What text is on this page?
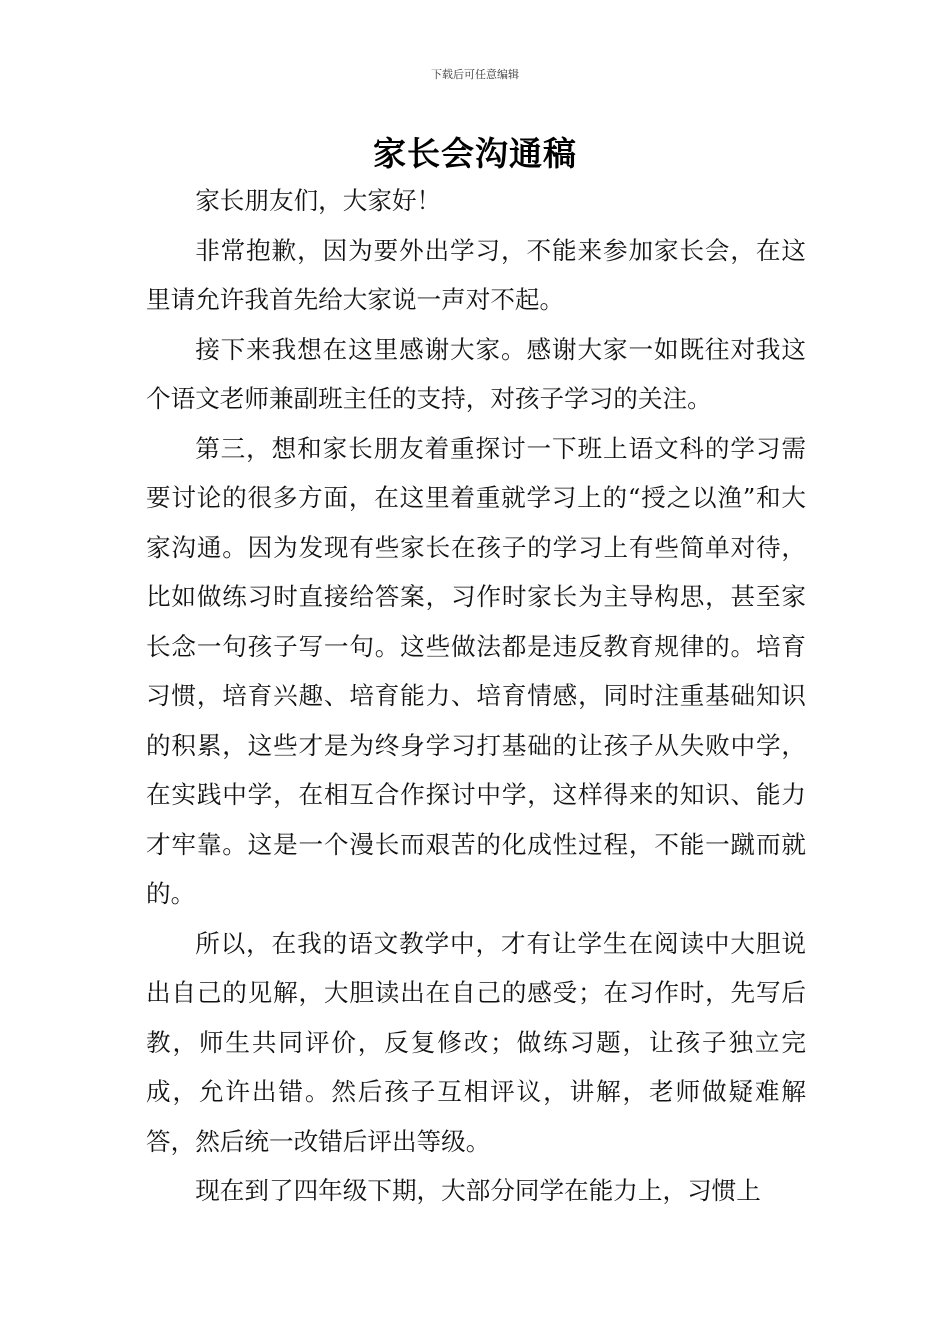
下载后可任意编辑
家长会沟通稿

家长朋友们，大家好！

非常抱歉，因为要外出学习，不能来参加家长会，在这里请允许我首先给大家说一声对不起。

接下来我想在这里感谢大家。感谢大家一如既往对我这个语文老师兼副班主任的支持，对孩子学习的关注。

第三，想和家长朋友着重探讨一下班上语文科的学习需要讨论的很多方面，在这里着重就学习上的“授之以渔”和大家沟通。因为发现有些家长在孩子的学习上有些简单对待，比如做练习时直接给答案，习作时家长为主导构思，甚至家长念一句孩子写一句。这些做法都是违反教育规律的。培育习惯，培育兴趣、培育能力、培育情感，同时注重基础知识的积累，这些才是为终身学习打基础的让孩子从失败中学，在实践中学，在相互合作探讨中学，这样得来的知识、能力才牢靠。这是一个漫长而艰苦的化成性过程，不能一蹴而就的。

所以，在我的语文教学中，才有让学生在阅读中大胆说出自己的见解，大胆读出在自己的感受；在习作时，先写后教，师生共同评价，反复修改；做练习题，让孩子独立完成，允许出错。然后孩子互相评议，讲解，老师做疑难解答，然后统一改错后评出等级。

现在到了四年级下期，大部分同学在能力上，习惯上
